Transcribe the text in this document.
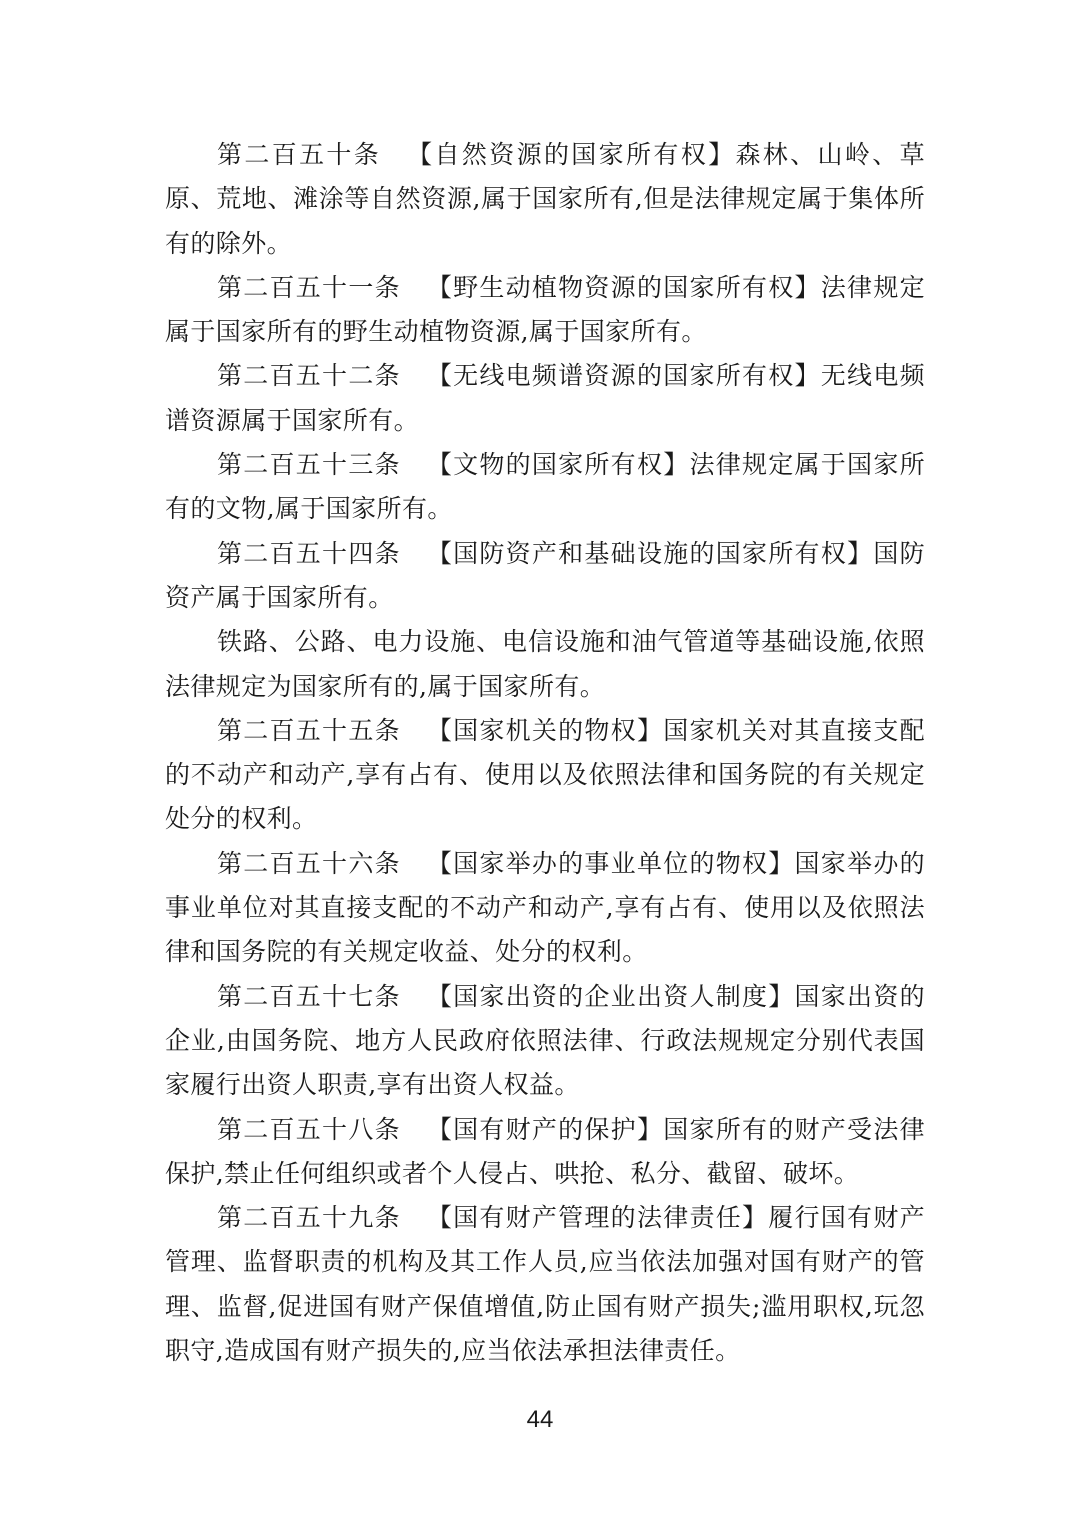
第二百五十条 【自然资源的国家所有权】森林、山岭、草原、荒地、滩涂等自然资源,属于国家所有,但是法律规定属于集体所有的除外。

第二百五十一条 【野生动植物资源的国家所有权】法律规定属于国家所有的野生动植物资源,属于国家所有。

第二百五十二条 【无线电频谱资源的国家所有权】无线电频谱资源属于国家所有。

第二百五十三条 【文物的国家所有权】法律规定属于国家所有的文物,属于国家所有。

第二百五十四条 【国防资产和基础设施的国家所有权】国防资产属于国家所有。

铁路、公路、电力设施、电信设施和油气管道等基础设施,依照法律规定为国家所有的,属于国家所有。

第二百五十五条 【国家机关的物权】国家机关对其直接支配的不动产和动产,享有占有、使用以及依照法律和国务院的有关规定处分的权利。

第二百五十六条 【国家举办的事业单位的物权】国家举办的事业单位对其直接支配的不动产和动产,享有占有、使用以及依照法律和国务院的有关规定收益、处分的权利。

第二百五十七条 【国家出资的企业出资人制度】国家出资的企业,由国务院、地方人民政府依照法律、行政法规规定分别代表国家履行出资人职责,享有出资人权益。

第二百五十八条 【国有财产的保护】国家所有的财产受法律保护,禁止任何组织或者个人侵占、哄抢、私分、截留、破坏。

第二百五十九条 【国有财产管理的法律责任】履行国有财产管理、监督职责的机构及其工作人员,应当依法加强对国有财产的管理、监督,促进国有财产保值增值,防止国有财产损失;滥用职权,玩忽职守,造成国有财产损失的,应当依法承担法律责任。

44
